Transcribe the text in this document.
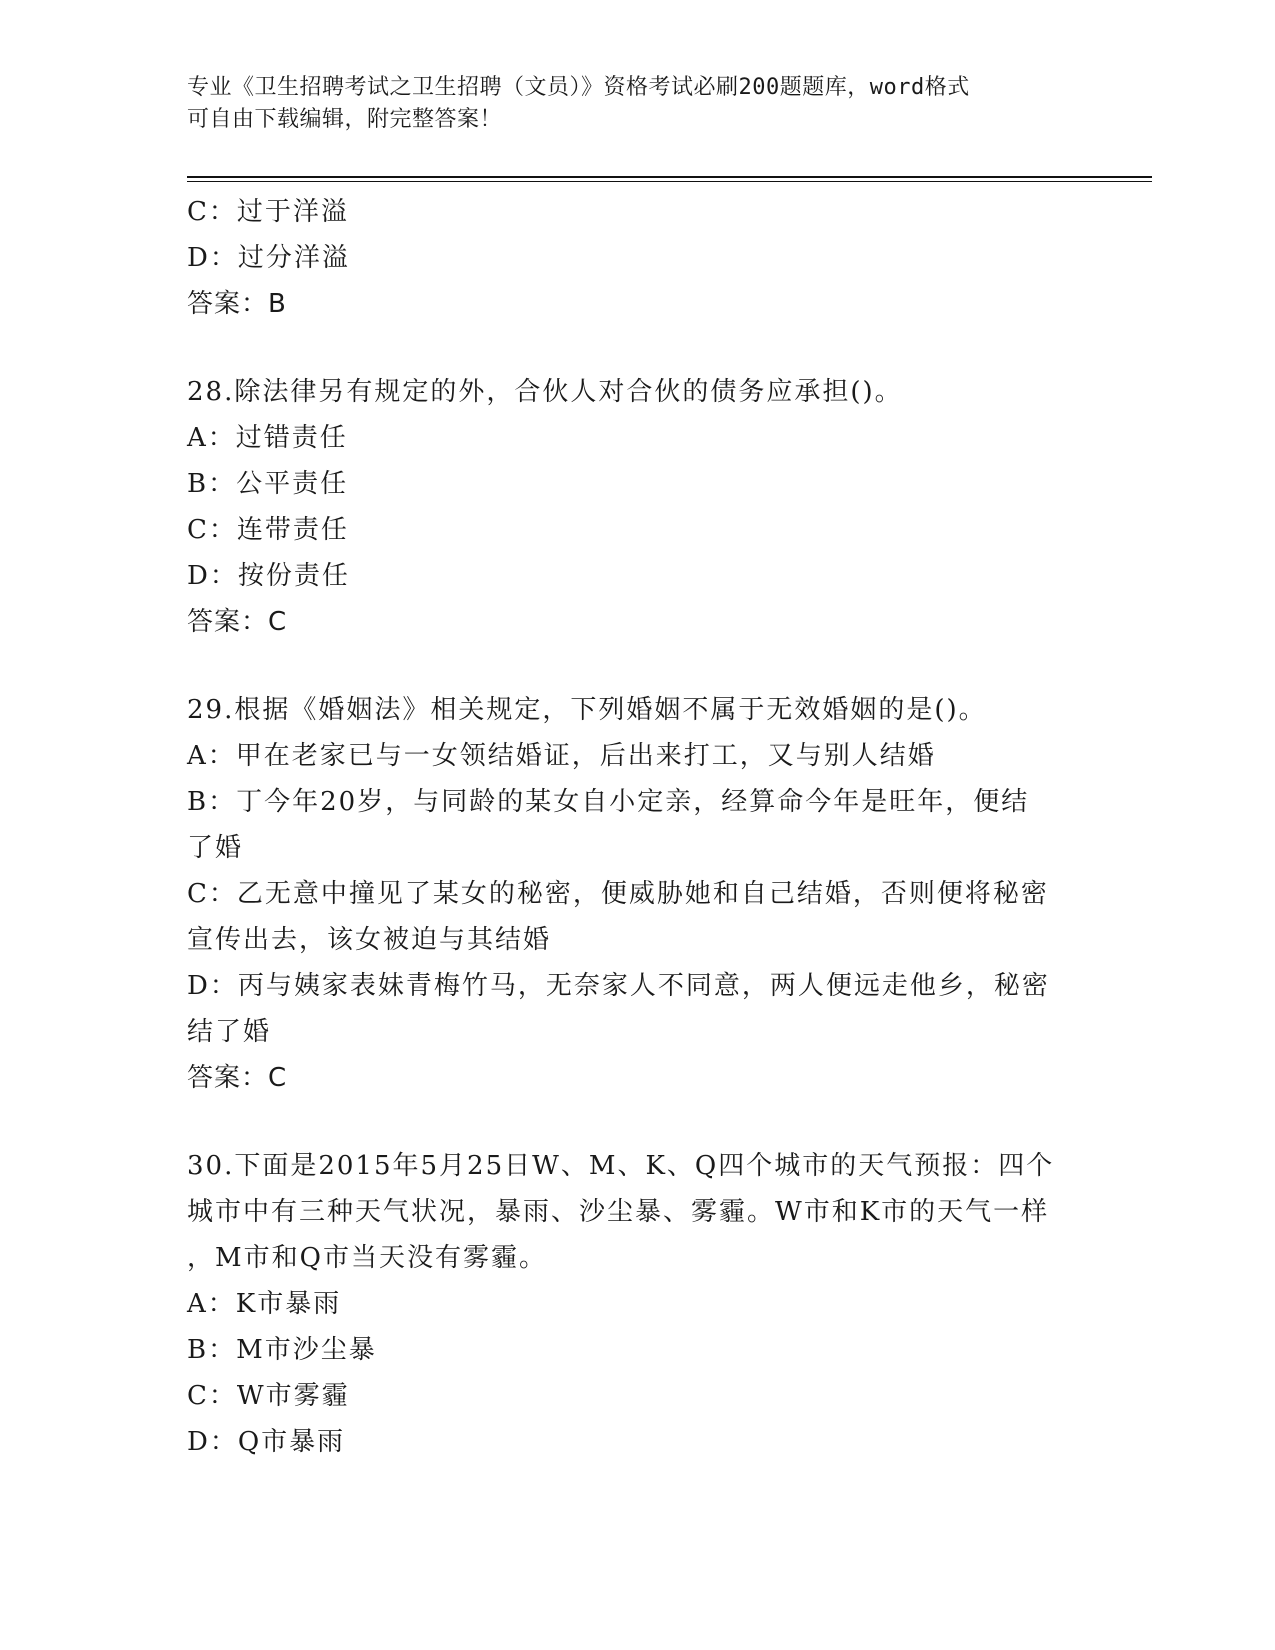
专业《卫生招聘考试之卫生招聘（文员）》资格考试必刷200题题库，word格式
可自由下载编辑，附完整答案！
C：过于洋溢
D：过分洋溢
答案：B
28.除法律另有规定的外，合伙人对合伙的债务应承担()。
A：过错责任
B：公平责任
C：连带责任
D：按份责任
答案：C
29.根据《婚姻法》相关规定，下列婚姻不属于无效婚姻的是()。
A：甲在老家已与一女领结婚证，后出来打工，又与别人结婚
B：丁今年20岁，与同龄的某女自小定亲，经算命今年是旺年，便结
了婚
C：乙无意中撞见了某女的秘密，便威胁她和自己结婚，否则便将秘密
宣传出去，该女被迫与其结婚
D：丙与姨家表妹青梅竹马，无奈家人不同意，两人便远走他乡，秘密
结了婚
答案：C
30.下面是2015年5月25日W、M、K、Q四个城市的天气预报：四个
城市中有三种天气状况，暴雨、沙尘暴、雾霾。W市和K市的天气一样
，M市和Q市当天没有雾霾。
A：K市暴雨
B：M市沙尘暴
C：W市雾霾
D：Q市暴雨
